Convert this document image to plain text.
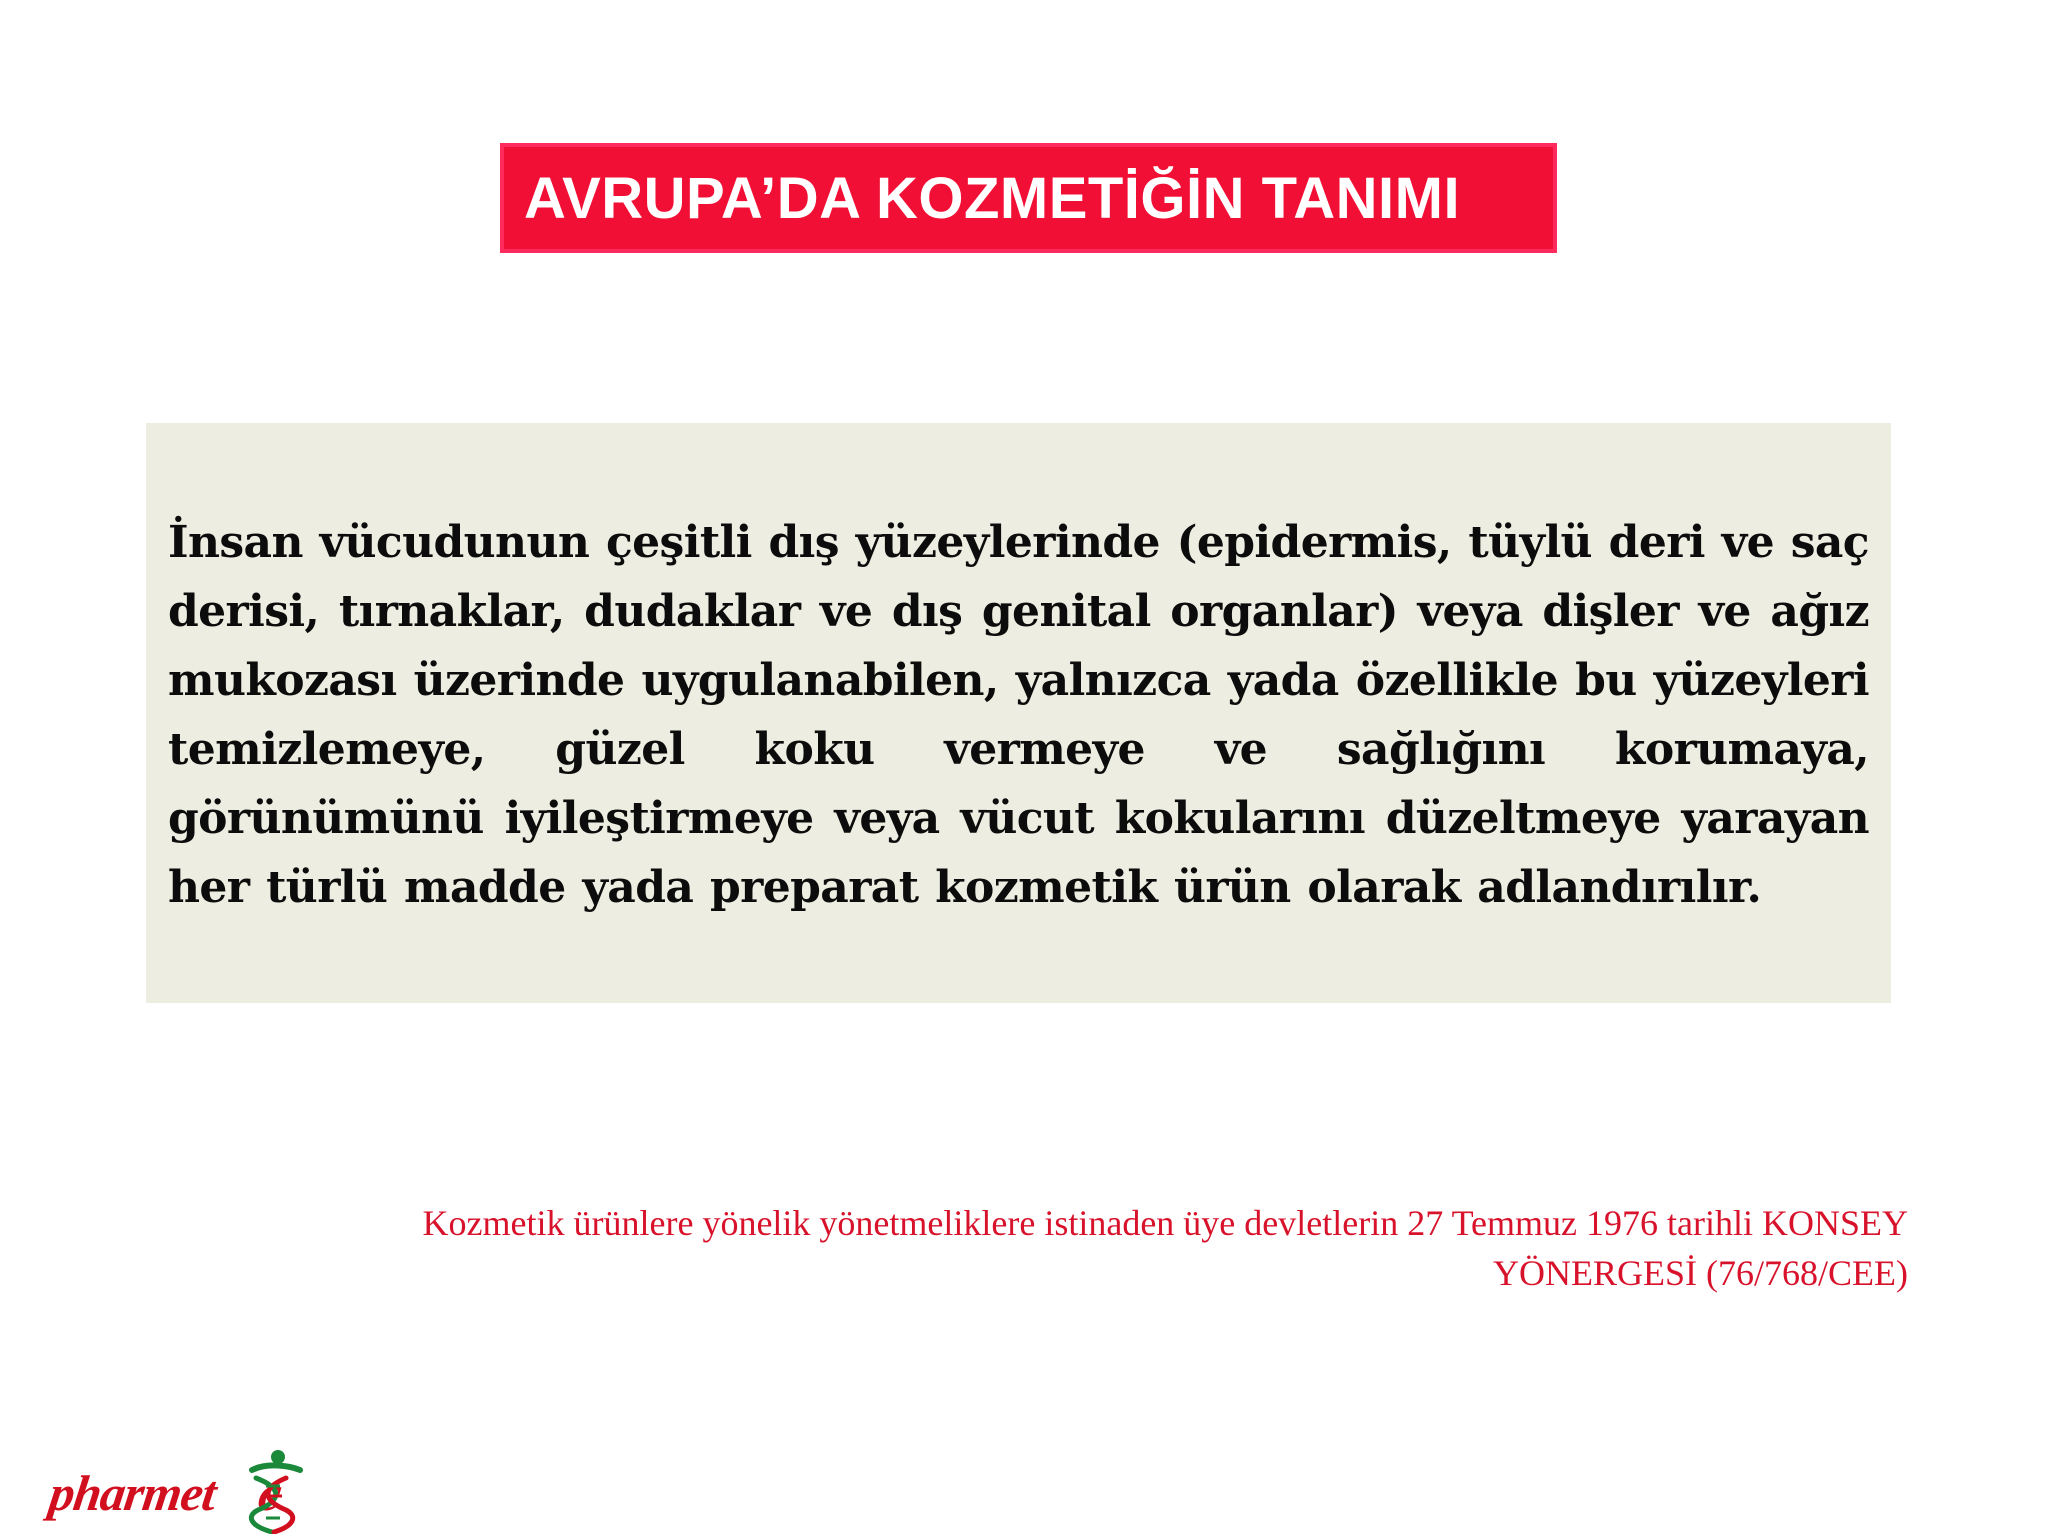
AVRUPA’DA KOZMETİĞİN TANIMI

İnsan vücudunun çeşitli dış yüzeylerinde (epidermis, tüylü deri ve saç derisi, tırnaklar, dudaklar ve dış genital organlar) veya dişler ve ağız mukozası üzerinde uygulanabilen, yalnızca yada özellikle bu yüzeyleri temizlemeye, güzel koku vermeye ve sağlığını korumaya, görünümünü iyileştirmeye veya vücut kokularını düzeltmeye yarayan her türlü madde yada preparat kozmetik ürün olarak adlandırılır.

Kozmetik ürünlere yönelik yönetmeliklere istinaden üye devletlerin 27 Temmuz 1976 tarihli KONSEY
YÖNERGESİ (76/768/CEE)
pharmet c
